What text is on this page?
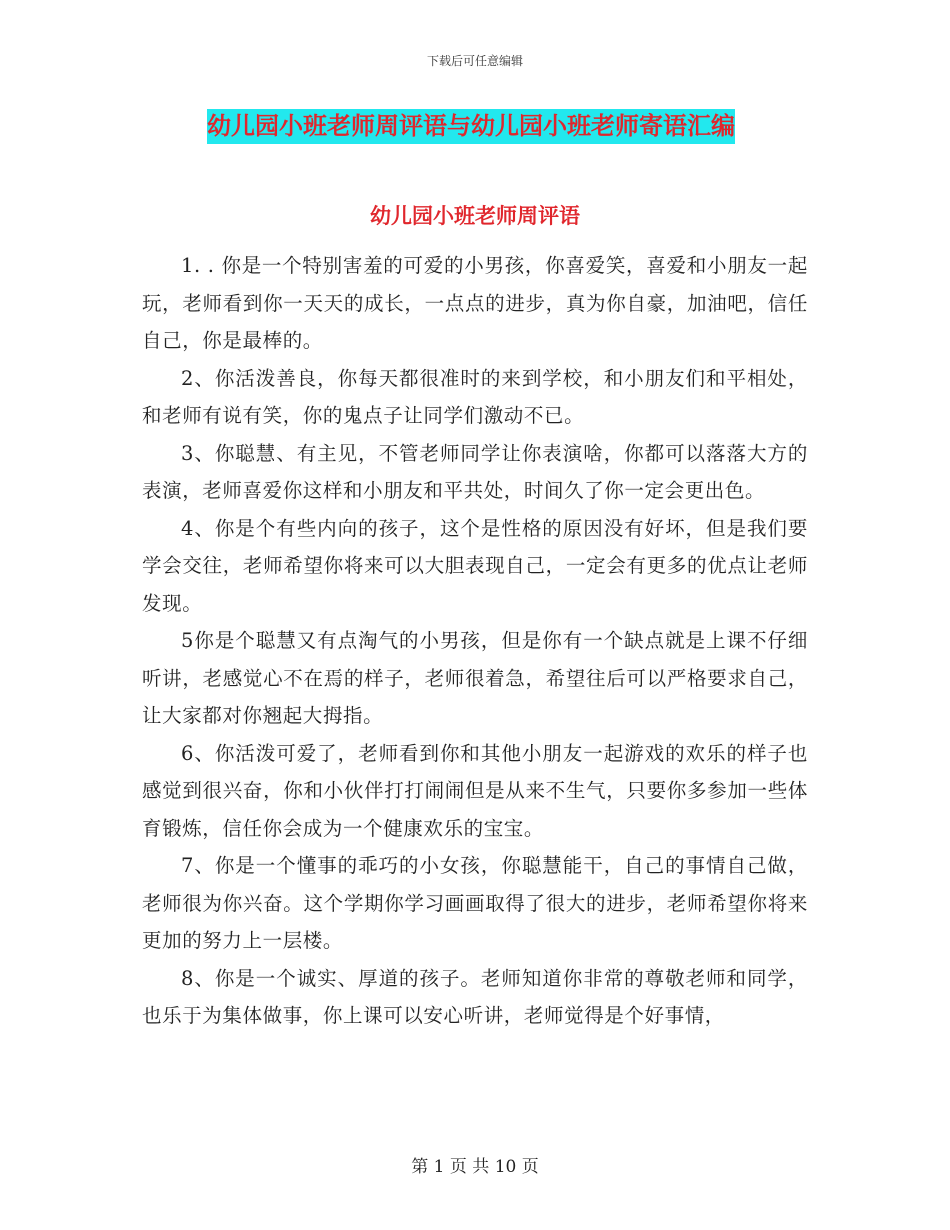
下载后可任意编辑
幼儿园小班老师周评语与幼儿园小班老师寄语汇编
幼儿园小班老师周评语

1. . 你是一个特别害羞的可爱的小男孩，你喜爱笑，喜爱和小朋友一起玩，老师看到你一天天的成长，一点点的进步，真为你自豪，加油吧，信任自己，你是最棒的。

2、你活泼善良，你每天都很准时的来到学校，和小朋友们和平相处，和老师有说有笑，你的鬼点子让同学们激动不已。

3、你聪慧、有主见，不管老师同学让你表演啥，你都可以落落大方的表演，老师喜爱你这样和小朋友和平共处，时间久了你一定会更出色。

4、你是个有些内向的孩子，这个是性格的原因没有好坏，但是我们要学会交往，老师希望你将来可以大胆表现自己，一定会有更多的优点让老师发现。

5你是个聪慧又有点淘气的小男孩，但是你有一个缺点就是上课不仔细听讲，老感觉心不在焉的样子，老师很着急，希望往后可以严格要求自己，让大家都对你翘起大拇指。

6、你活泼可爱了，老师看到你和其他小朋友一起游戏的欢乐的样子也感觉到很兴奋，你和小伙伴打打闹闹但是从来不生气，只要你多参加一些体育锻炼，信任你会成为一个健康欢乐的宝宝。

7、你是一个懂事的乖巧的小女孩，你聪慧能干，自己的事情自己做，老师很为你兴奋。这个学期你学习画画取得了很大的进步，老师希望你将来更加的努力上一层楼。

8、你是一个诚实、厚道的孩子。老师知道你非常的尊敬老师和同学，也乐于为集体做事，你上课可以安心听讲，老师觉得是个好事情，

第 1 页 共 10 页
